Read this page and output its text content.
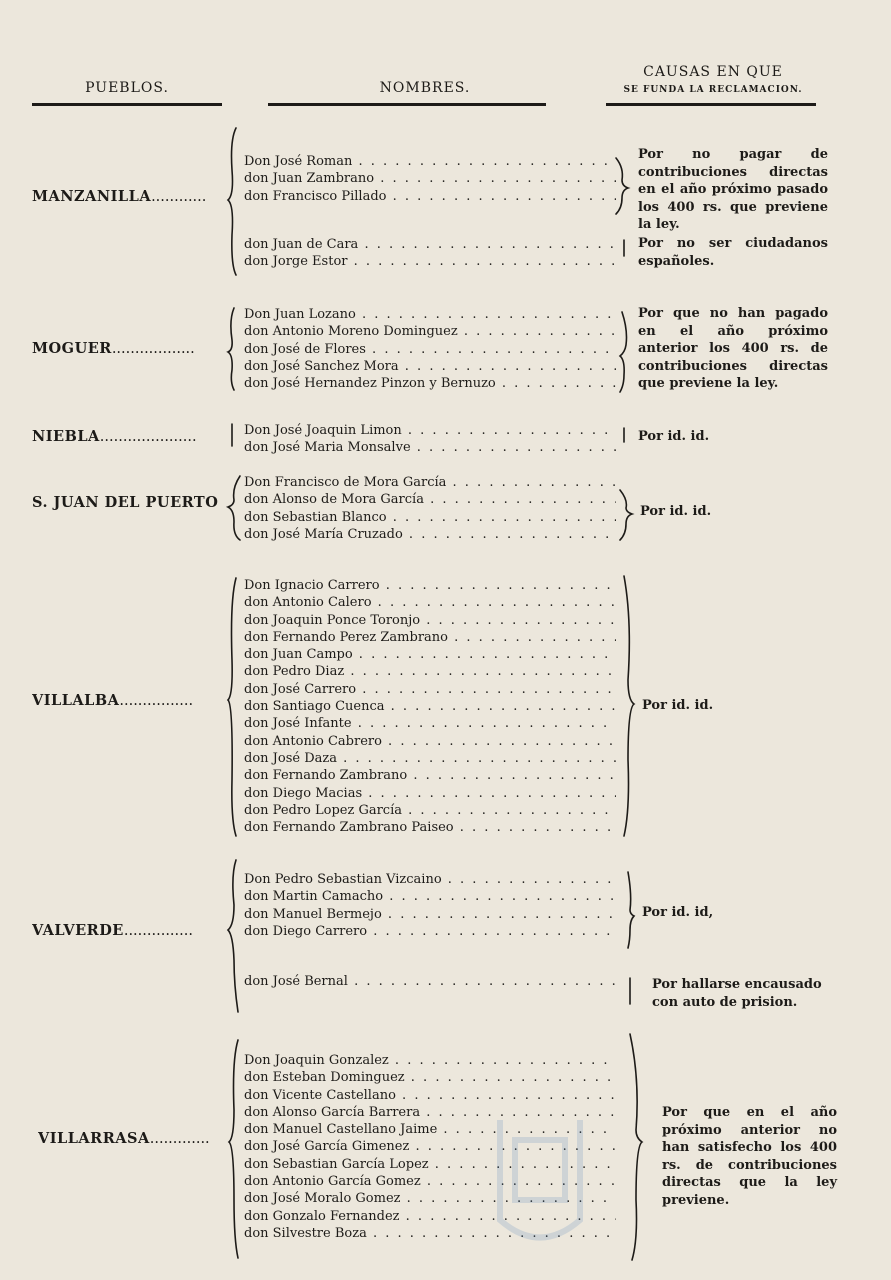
PUEBLOS.	NOMBRES.
CAUSAS EN QUE
SE FUNDA LA RECLAMACION.
MANZANILLA............
MOGUER..................
NIEBLA.....................
S. JUAN DEL PUERTO
VILLALBA................
VALVERDE...............
VILLARRASA.............
Don José Roman . . .
don Juan Zambrano . . .
don Francisco Pillado . . .
don Juan de Cara . . .
don Jorge Estor . . .
Don Juan Lozano . . .
don Antonio Moreno Dominguez . . .
don José de Flores . . .
don José Sanchez Mora . . .
don José Hernandez Pinzon y Bernuzo . . .
Don José Joaquin Limon . . .
don José Maria Monsalve . . .
Don Francisco de Mora García . . .
don Alonso de Mora García . . .
don Sebastian Blanco . . .
don José María Cruzado . . .
Don Ignacio Carrero . . .
don Antonio Calero . . .
don Joaquin Ponce Toronjo . . .
don Fernando Perez Zambrano . . .
don Juan Campo . . .
don Pedro Diaz . . .
don José Carrero . . .
don Santiago Cuenca . . .
don José Infante . . .
don Antonio Cabrero . . .
don José Daza . . .
don Fernando Zambrano . . .
don Diego Macias . . .
don Pedro Lopez García . . .
don Fernando Zambrano Paiseo . . .
Don Pedro Sebastian Vizcaino . . .
don Martin Camacho . . .
don Manuel Bermejo . . .
don Diego Carrero . . .
don José Bernal . . .
Don Joaquin Gonzalez . . .
don Esteban Dominguez . . .
don Vicente Castellano . . .
don Alonso García Barrera . . .
don Manuel Castellano Jaime . . .
don José García Gimenez . . .
don Sebastian García Lopez . . .
don Antonio García Gomez . . .
don José Moralo Gomez . . .
don Gonzalo Fernandez . . .
don Silvestre Boza . . .
Por no pagar de contribuciones directas en el año próximo pasado los 400 rs. que previene la ley.
Por no ser ciudadanos españoles.
Por que no han pagado en el año próximo anterior los 400 rs. de contribuciones directas que previene la ley.
Por id. id.
Por id. id.
Por id. id.
Por id. id,
Por hallarse encausado con auto de prision.
Por que en el año próximo anterior no han satisfecho los 400 rs. de contribuciones directas que la ley previene.
